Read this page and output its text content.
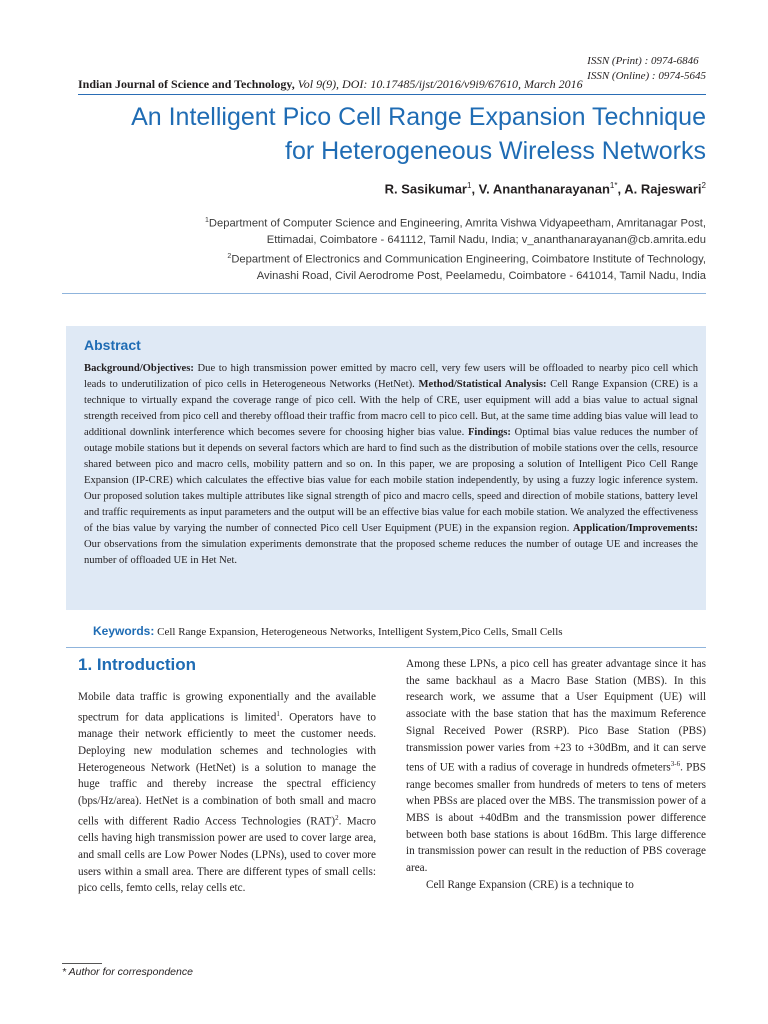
ISSN (Print) : 0974-6846
ISSN (Online) : 0974-5645
Indian Journal of Science and Technology, Vol 9(9), DOI: 10.17485/ijst/2016/v9i9/67610, March 2016
An Intelligent Pico Cell Range Expansion Technique
for Heterogeneous Wireless Networks
R. Sasikumar$^1$, V. Ananthanarayanan$^{1*}$, A. Rajeswari$^2$
$^1$Department of Computer Science and Engineering, Amrita Vishwa Vidyapeetham, Amritanagar Post,
Ettimadai, Coimbatore - 641112, Tamil Nadu, India; v_ananthanarayanan@cb.amrita.edu
$^2$Department of Electronics and Communication Engineering, Coimbatore Institute of Technology,
Avinashi Road, Civil Aerodrome Post, Peelamedu, Coimbatore - 641014, Tamil Nadu, India
Abstract

Background/Objectives: Due to high transmission power emitted by macro cell, very few users will be offloaded to nearby pico cell which leads to underutilization of pico cells in Heterogeneous Networks (HetNet). Method/Statistical Analysis: Cell Range Expansion (CRE) is a technique to virtually expand the coverage range of pico cell. With the help of CRE, user equipment will add a bias value to actual signal strength received from pico cell and thereby offload their traffic from macro cell to pico cell. But, at the same time adding bias value will lead to additional downlink interference which becomes severe for choosing higher bias value. Findings: Optimal bias value reduces the number of outage mobile stations but it depends on several factors which are hard to find such as the distribution of mobile stations over the cells, resource shared between pico and macro cells, mobility pattern and so on. In this paper, we are proposing a solution of Intelligent Pico Cell Range Expansion (IP-CRE) which calculates the effective bias value for each mobile station independently, by using a fuzzy logic inference system. Our proposed solution takes multiple attributes like signal strength of pico and macro cells, speed and direction of mobile stations, battery level and traffic requirements as input parameters and the output will be an effective bias value for each mobile station. We analyzed the effectiveness of the bias value by varying the number of connected Pico cell User Equipment (PUE) in the expansion region. Application/Improvements: Our observations from the simulation experiments demonstrate that the proposed scheme reduces the number of outage UE and increases the number of offloaded UE in Het Net.

Keywords: Cell Range Expansion, Heterogeneous Networks, Intelligent System,Pico Cells, Small Cells
1. Introduction

Mobile data traffic is growing exponentially and the available spectrum for data applications is limited$^1$. Operators have to manage their network efficiently to meet the customer needs. Deploying new modulation schemes and technologies with Heterogeneous Network (HetNet) is a solution to manage the huge traffic and thereby increase the spectral efficiency (bps/Hz/area). HetNet is a combination of both small and macro cells with different Radio Access Technologies (RAT)$^2$. Macro cells having high transmission power are used to cover large area, and small cells are Low Power Nodes (LPNs), used to cover more users within a small area. There are different types of small cells: pico cells, femto cells, relay cells etc.

Among these LPNs, a pico cell has greater advantage since it has the same backhaul as a Macro Base Station (MBS). In this research work, we assume that a User Equipment (UE) will associate with the base station that has the maximum Reference Signal Received Power (RSRP). Pico Base Station (PBS) transmission power varies from +23 to +30dBm, and it can serve tens of UE with a radius of coverage in hundreds ofmeters$^{3-6}$. PBS range becomes smaller from hundreds of meters to tens of meters when PBSs are placed over the MBS. The transmission power of a MBS is about +40dBm and the transmission power difference between both base stations is about 16dBm. This large difference in transmission power can result in the reduction of PBS coverage area.
Cell Range Expansion (CRE) is a technique to
* Author for correspondence
